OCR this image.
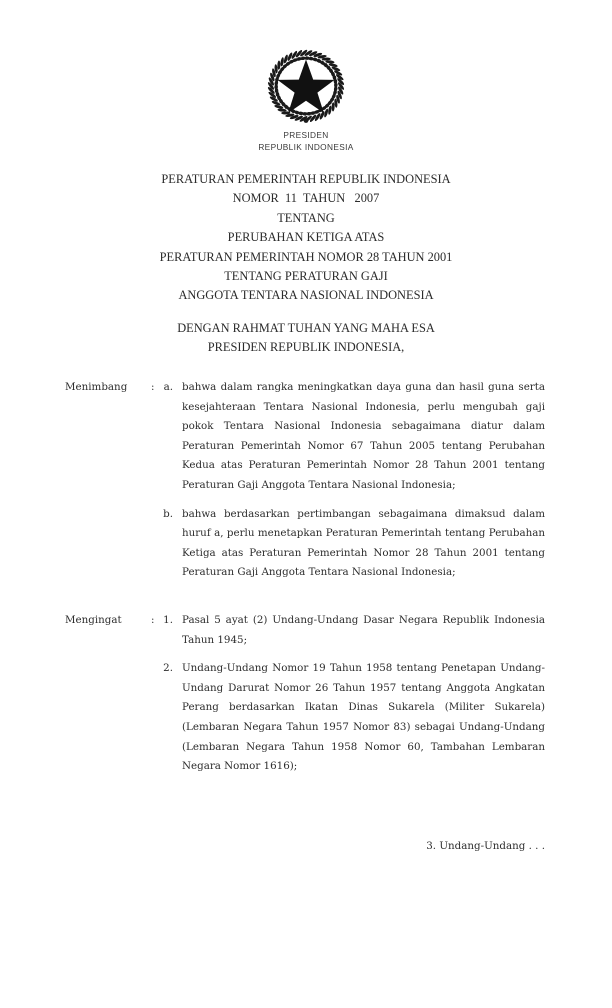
PRESIDEN
REPUBLIK INDONESIA
PERATURAN PEMERINTAH REPUBLIK INDONESIA
NOMOR  11  TAHUN   2007
TENTANG
PERUBAHAN KETIGA ATAS
PERATURAN PEMERINTAH NOMOR 28 TAHUN 2001
TENTANG PERATURAN GAJI
ANGGOTA TENTARA NASIONAL INDONESIA
DENGAN RAHMAT TUHAN YANG MAHA ESA
PRESIDEN REPUBLIK INDONESIA,
Menimbang	: a. bahwa dalam rangka meningkatkan daya guna dan hasil guna serta kesejahteraan Tentara Nasional Indonesia, perlu mengubah gaji pokok Tentara Nasional Indonesia sebagaimana diatur dalam Peraturan Pemerintah Nomor 67 Tahun 2005 tentang Perubahan Kedua atas Peraturan Pemerintah Nomor 28 Tahun 2001 tentang Peraturan Gaji Anggota Tentara Nasional Indonesia;
b. bahwa berdasarkan pertimbangan sebagaimana dimaksud dalam huruf a, perlu menetapkan Peraturan Pemerintah tentang Perubahan Ketiga atas Peraturan Pemerintah Nomor 28 Tahun 2001 tentang Peraturan Gaji Anggota Tentara Nasional Indonesia;
Mengingat	: 1. Pasal 5 ayat (2) Undang-Undang Dasar Negara Republik Indonesia Tahun 1945;
2. Undang-Undang Nomor 19 Tahun 1958 tentang Penetapan Undang-Undang Darurat Nomor 26 Tahun 1957 tentang Anggota Angkatan Perang berdasarkan Ikatan Dinas Sukarela (Militer Sukarela) (Lembaran Negara Tahun 1957 Nomor 83) sebagai Undang-Undang (Lembaran Negara Tahun 1958 Nomor 60, Tambahan Lembaran Negara Nomor 1616);
3. Undang-Undang . . .
